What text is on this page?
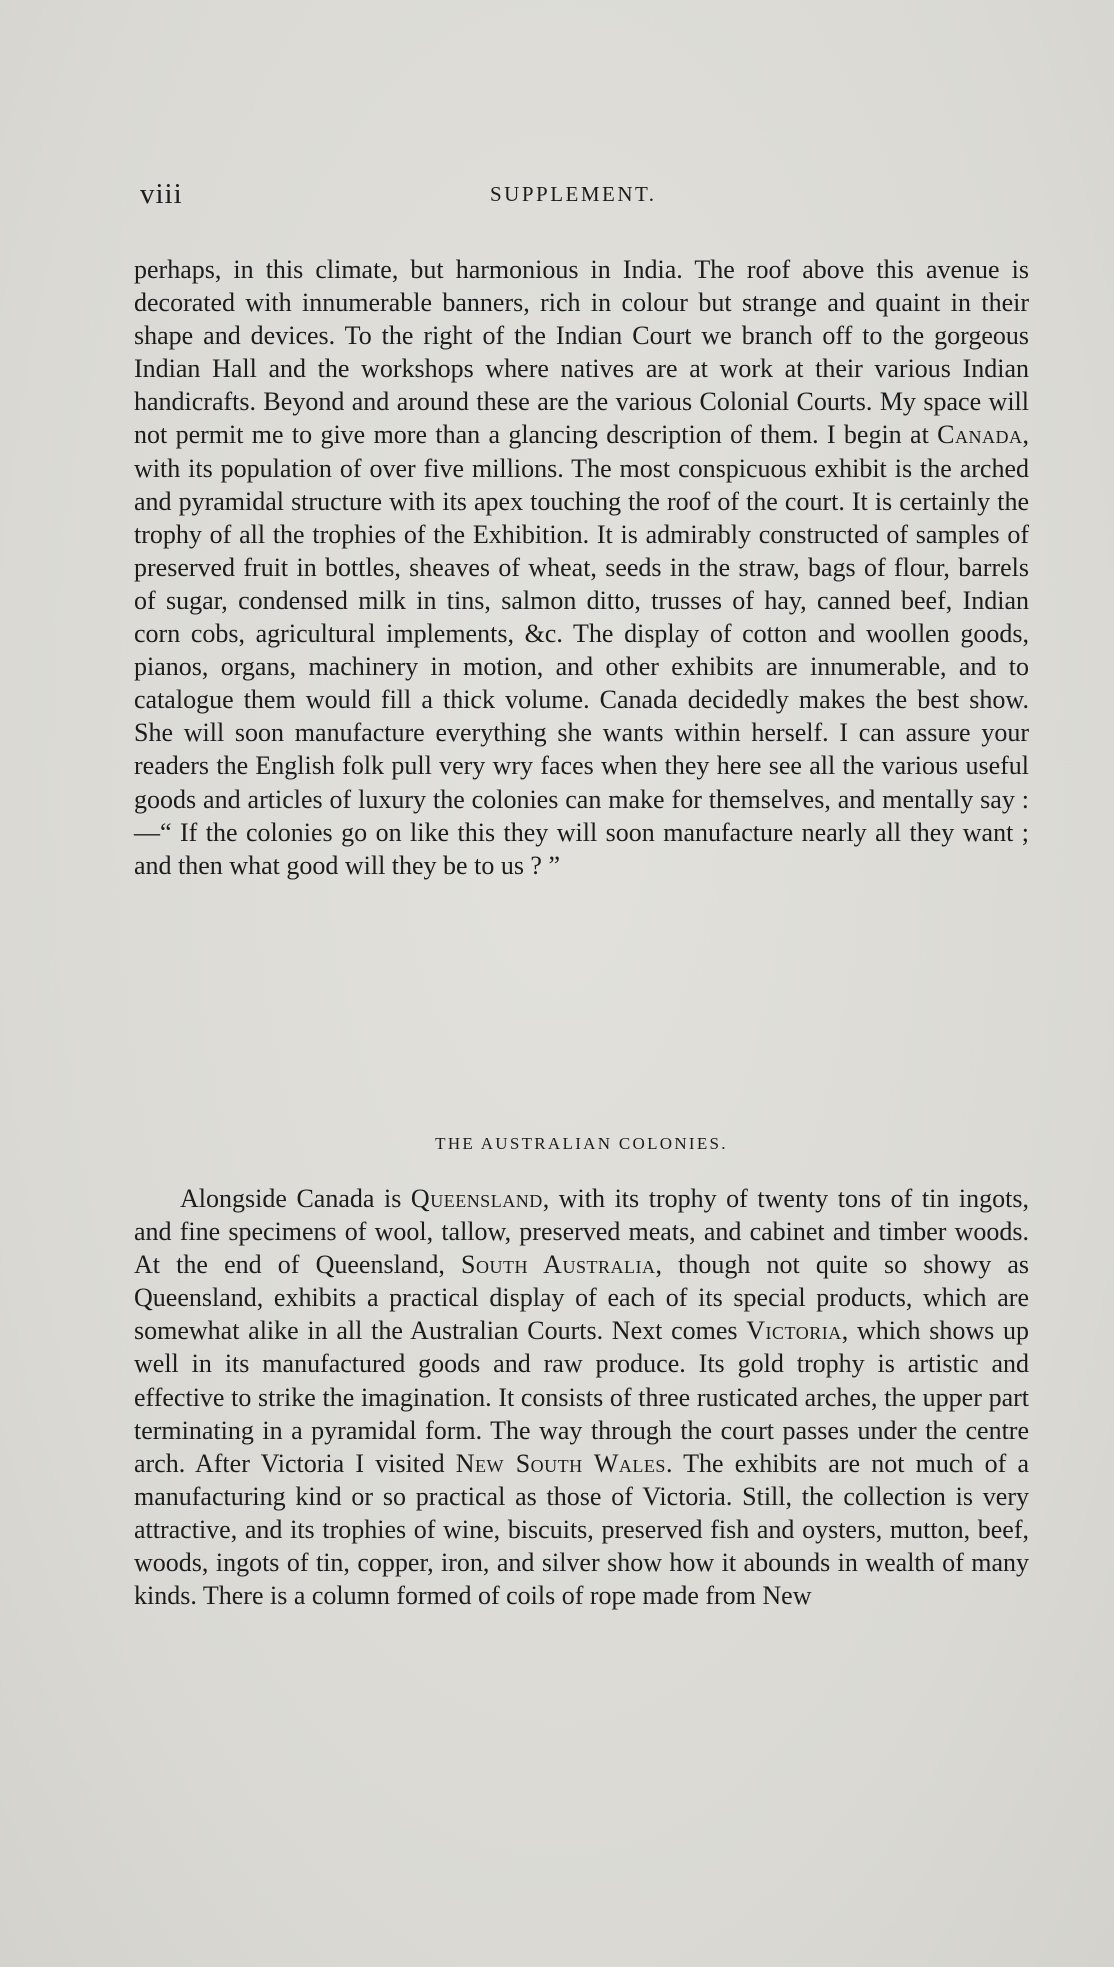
viii	SUPPLEMENT.

perhaps, in this climate, but harmonious in India. The roof above this avenue is decorated with innumerable banners, rich in colour but strange and quaint in their shape and devices. To the right of the Indian Court we branch off to the gorgeous Indian Hall and the workshops where natives are at work at their various Indian handicrafts. Beyond and around these are the various Colonial Courts. My space will not permit me to give more than a glancing description of them. I begin at Canada, with its population of over five millions. The most conspicuous exhibit is the arched and pyramidal structure with its apex touching the roof of the court. It is certainly the trophy of all the trophies of the Exhibition. It is admirably constructed of samples of preserved fruit in bottles, sheaves of wheat, seeds in the straw, bags of flour, barrels of sugar, condensed milk in tins, salmon ditto, trusses of hay, canned beef, Indian corn cobs, agricultural implements, &c. The display of cotton and woollen goods, pianos, organs, machinery in motion, and other exhibits are innumerable, and to catalogue them would fill a thick volume. Canada decidedly makes the best show. She will soon manufacture everything she wants within herself. I can assure your readers the English folk pull very wry faces when they here see all the various useful goods and articles of luxury the colonies can make for themselves, and mentally say :—“ If the colonies go on like this they will soon manufacture nearly all they want ; and then what good will they be to us ? ”

THE AUSTRALIAN COLONIES.

Alongside Canada is Queensland, with its trophy of twenty tons of tin ingots, and fine specimens of wool, tallow, preserved meats, and cabinet and timber woods. At the end of Queensland, South Australia, though not quite so showy as Queensland, exhibits a practical display of each of its special products, which are somewhat alike in all the Australian Courts. Next comes Victoria, which shows up well in its manufactured goods and raw produce. Its gold trophy is artistic and effective to strike the imagination. It consists of three rusticated arches, the upper part terminating in a pyramidal form. The way through the court passes under the centre arch. After Victoria I visited New South Wales. The exhibits are not much of a manufacturing kind or so practical as those of Victoria. Still, the collection is very attractive, and its trophies of wine, biscuits, preserved fish and oysters, mutton, beef, woods, ingots of tin, copper, iron, and silver show how it abounds in wealth of many kinds. There is a column formed of coils of rope made from New
